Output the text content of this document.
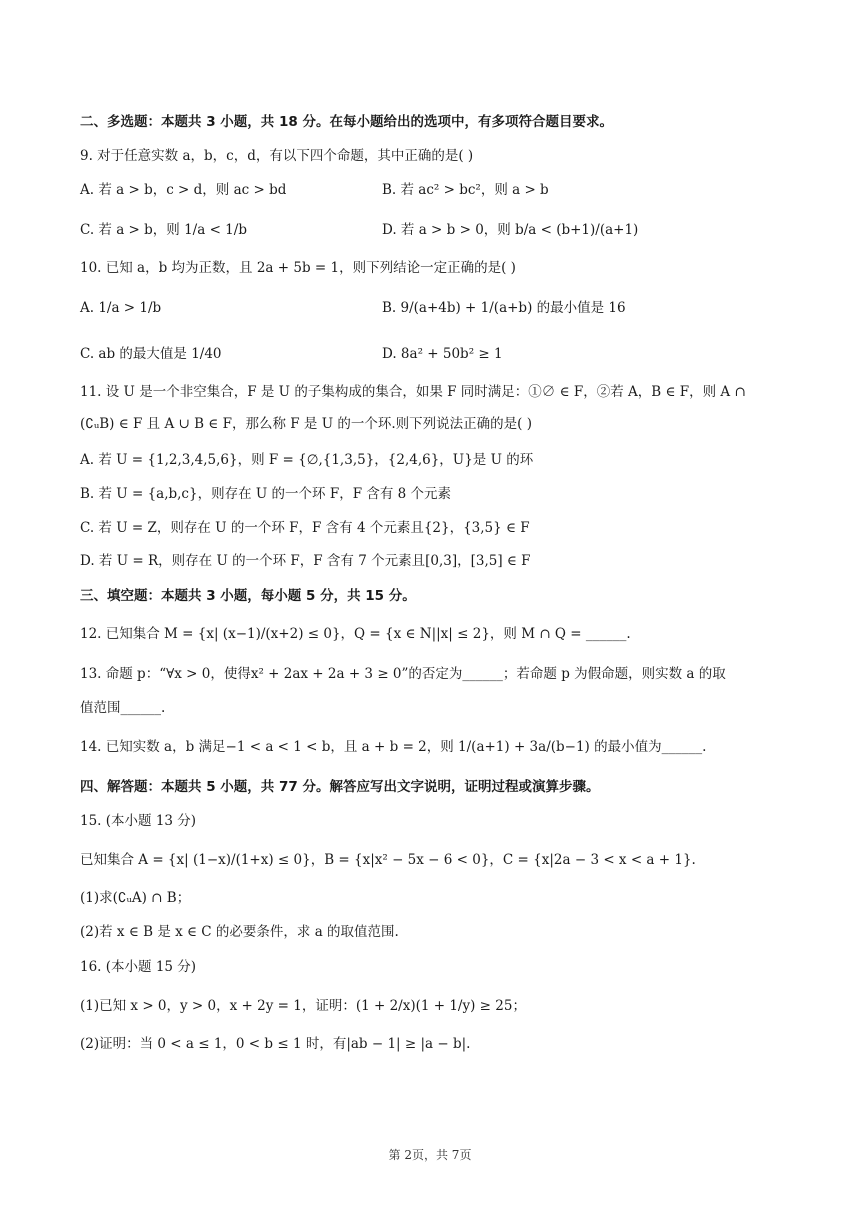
二、多选题：本题共 3 小题，共 18 分。在每小题给出的选项中，有多项符合题目要求。
9. 对于任意实数 a，b，c，d，有以下四个命题，其中正确的是( )
A. 若 a > b，c > d，则 ac > bd	B. 若 ac² > bc²，则 a > b
C. 若 a > b，则 1/a < 1/b	D. 若 a > b > 0，则 b/a < (b+1)/(a+1)
10. 已知 a，b 均为正数，且 2a + 5b = 1，则下列结论一定正确的是( )
A. 1/a > 1/b	B. 9/(a+4b) + 1/(a+b) 的最小值是 16
C. ab 的最大值是 1/40	D. 8a² + 50b² ≥ 1
11. 设 U 是一个非空集合，F 是 U 的子集构成的集合，如果 F 同时满足：①∅ ∈ F，②若 A，B ∈ F，则 A ∩
(∁ᵤB) ∈ F 且 A ∪ B ∈ F，那么称 F 是 U 的一个环.则下列说法正确的是( )
A. 若 U = {1,2,3,4,5,6}，则 F = {∅,{1,3,5}，{2,4,6}，U}是 U 的环
B. 若 U = {a,b,c}，则存在 U 的一个环 F，F 含有 8 个元素
C. 若 U = Z，则存在 U 的一个环 F，F 含有 4 个元素且{2}，{3,5} ∈ F
D. 若 U = R，则存在 U 的一个环 F，F 含有 7 个元素且[0,3]，[3,5] ∈ F
三、填空题：本题共 3 小题，每小题 5 分，共 15 分。
12. 已知集合 M = {x| (x−1)/(x+2) ≤ 0}，Q = {x ∈ N||x| ≤ 2}，则 M ∩ Q = ______.
13. 命题 p：“∀x > 0，使得x² + 2ax + 2a + 3 ≥ 0”的否定为______；若命题 p 为假命题，则实数 a 的取
值范围______.
14. 已知实数 a，b 满足−1 < a < 1 < b，且 a + b = 2，则 1/(a+1) + 3a/(b−1) 的最小值为______.
四、解答题：本题共 5 小题，共 77 分。解答应写出文字说明，证明过程或演算步骤。
15. (本小题 13 分)
已知集合 A = {x| (1−x)/(1+x) ≤ 0}，B = {x|x² − 5x − 6 < 0}，C = {x|2a − 3 < x < a + 1}.
(1)求(∁ᵤA) ∩ B；
(2)若 x ∈ B 是 x ∈ C 的必要条件，求 a 的取值范围.
16. (本小题 15 分)
(1)已知 x > 0，y > 0，x + 2y = 1，证明：(1 + 2/x)(1 + 1/y) ≥ 25；
(2)证明：当 0 < a ≤ 1，0 < b ≤ 1 时，有|ab − 1| ≥ |a − b|.
第 2页，共 7页
